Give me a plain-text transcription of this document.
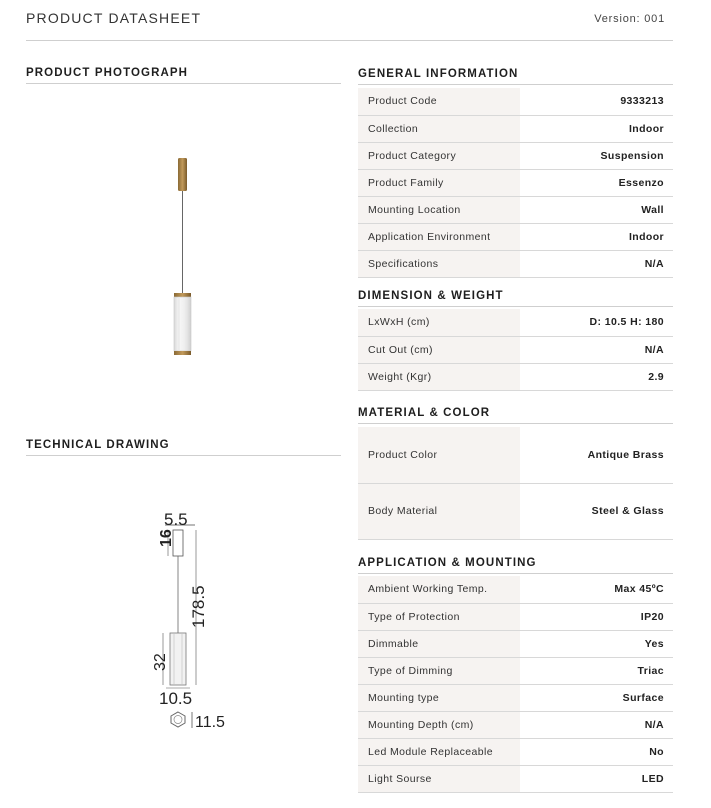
PRODUCT DATASHEET	Version: 001
PRODUCT PHOTOGRAPH
TECHNICAL DRAWING
5.5
16
178.5
32
10.5
11.5
GENERAL INFORMATION
Product Code	9333213
Collection	Indoor
Product Category	Suspension
Product Family	Essenzo
Mounting Location	Wall
Application Environment	Indoor
Specifications	N/A
DIMENSION & WEIGHT
LxWxH (cm)	D: 10.5 H: 180
Cut Out (cm)	N/A
Weight (Kgr)	2.9
MATERIAL & COLOR
Product Color	Antique Brass
Body Material	Steel & Glass
APPLICATION & MOUNTING
Ambient Working Temp.	Max 45ºC
Type of Protection	IP20
Dimmable	Yes
Type of Dimming	Triac
Mounting type	Surface
Mounting Depth (cm)	N/A
Led Module Replaceable	No
Light Sourse	LED
